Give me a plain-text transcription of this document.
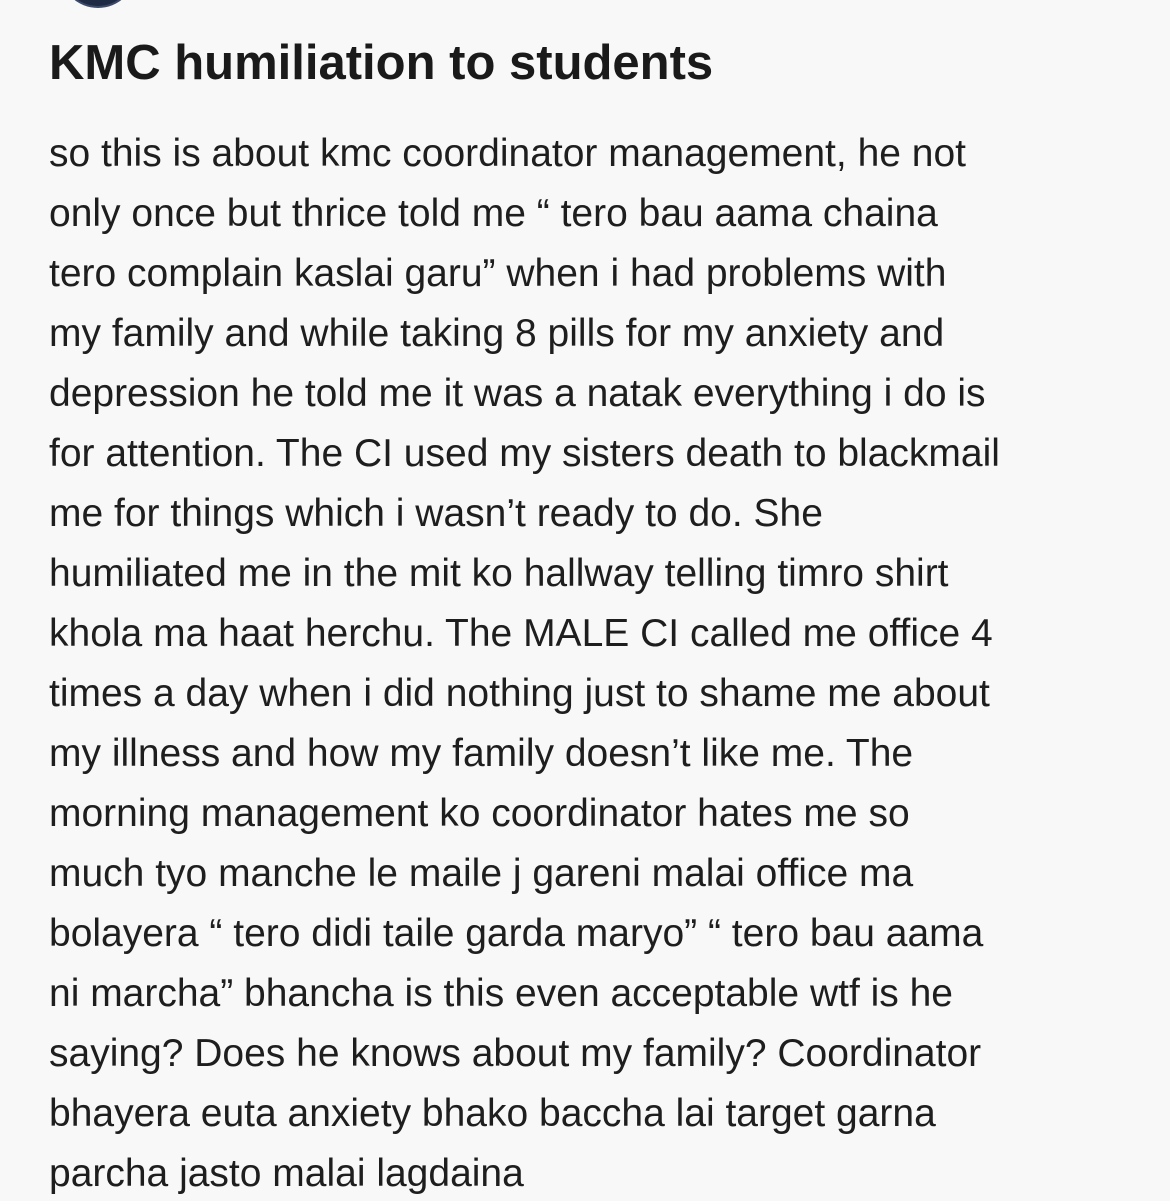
KMC humiliation to students
so this is about kmc coordinator management, he not
only once but thrice told me “ tero bau aama chaina
tero complain kaslai garu” when i had problems with
my family and while taking 8 pills for my anxiety and
depression he told me it was a natak everything i do is
for attention. The CI used my sisters death to blackmail
me for things which i wasn’t ready to do. She
humiliated me in the mit ko hallway telling timro shirt
khola ma haat herchu. The MALE CI called me office 4
times a day when i did nothing just to shame me about
my illness and how my family doesn’t like me. The
morning management ko coordinator hates me so
much tyo manche le maile j gareni malai office ma
bolayera “ tero didi taile garda maryo” “ tero bau aama
ni marcha” bhancha is this even acceptable wtf is he
saying? Does he knows about my family? Coordinator
bhayera euta anxiety bhako baccha lai target garna
parcha jasto malai lagdaina
